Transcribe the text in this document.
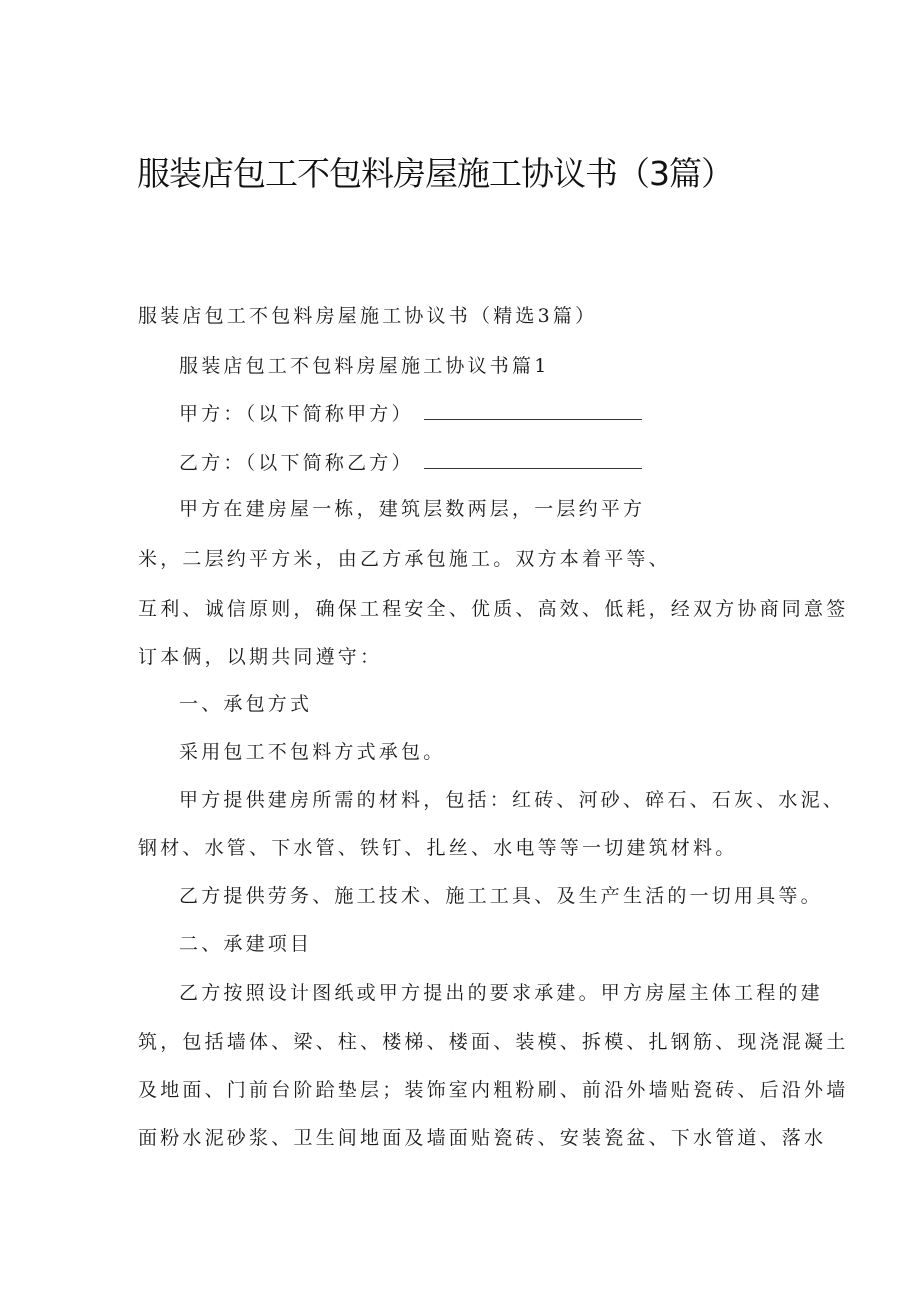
服装店包工不包料房屋施工协议书（3篇）
服装店包工不包料房屋施工协议书（精选3篇）
服装店包工不包料房屋施工协议书篇1
甲方：（以下简称甲方）
乙方：（以下简称乙方）
甲方在建房屋一栋，建筑层数两层，一层约平方
米，二层约平方米，由乙方承包施工。双方本着平等、
互利、诚信原则，确保工程安全、优质、高效、低耗，经双方协商同意签
订本俩，以期共同遵守：
一、承包方式
采用包工不包料方式承包。
甲方提供建房所需的材料，包括：红砖、河砂、碎石、石灰、水泥、
钢材、水管、下水管、铁钉、扎丝、水电等等一切建筑材料。
乙方提供劳务、施工技术、施工工具、及生产生活的一切用具等。
二、承建项目
乙方按照设计图纸或甲方提出的要求承建。甲方房屋主体工程的建
筑，包括墙体、梁、柱、楼梯、楼面、装模、拆模、扎钢筋、现浇混凝土
及地面、门前台阶跲垫层；装饰室内粗粉刷、前沿外墙贴瓷砖、后沿外墙
面粉水泥砂浆、卫生间地面及墙面贴瓷砖、安装瓷盆、下水管道、落水
